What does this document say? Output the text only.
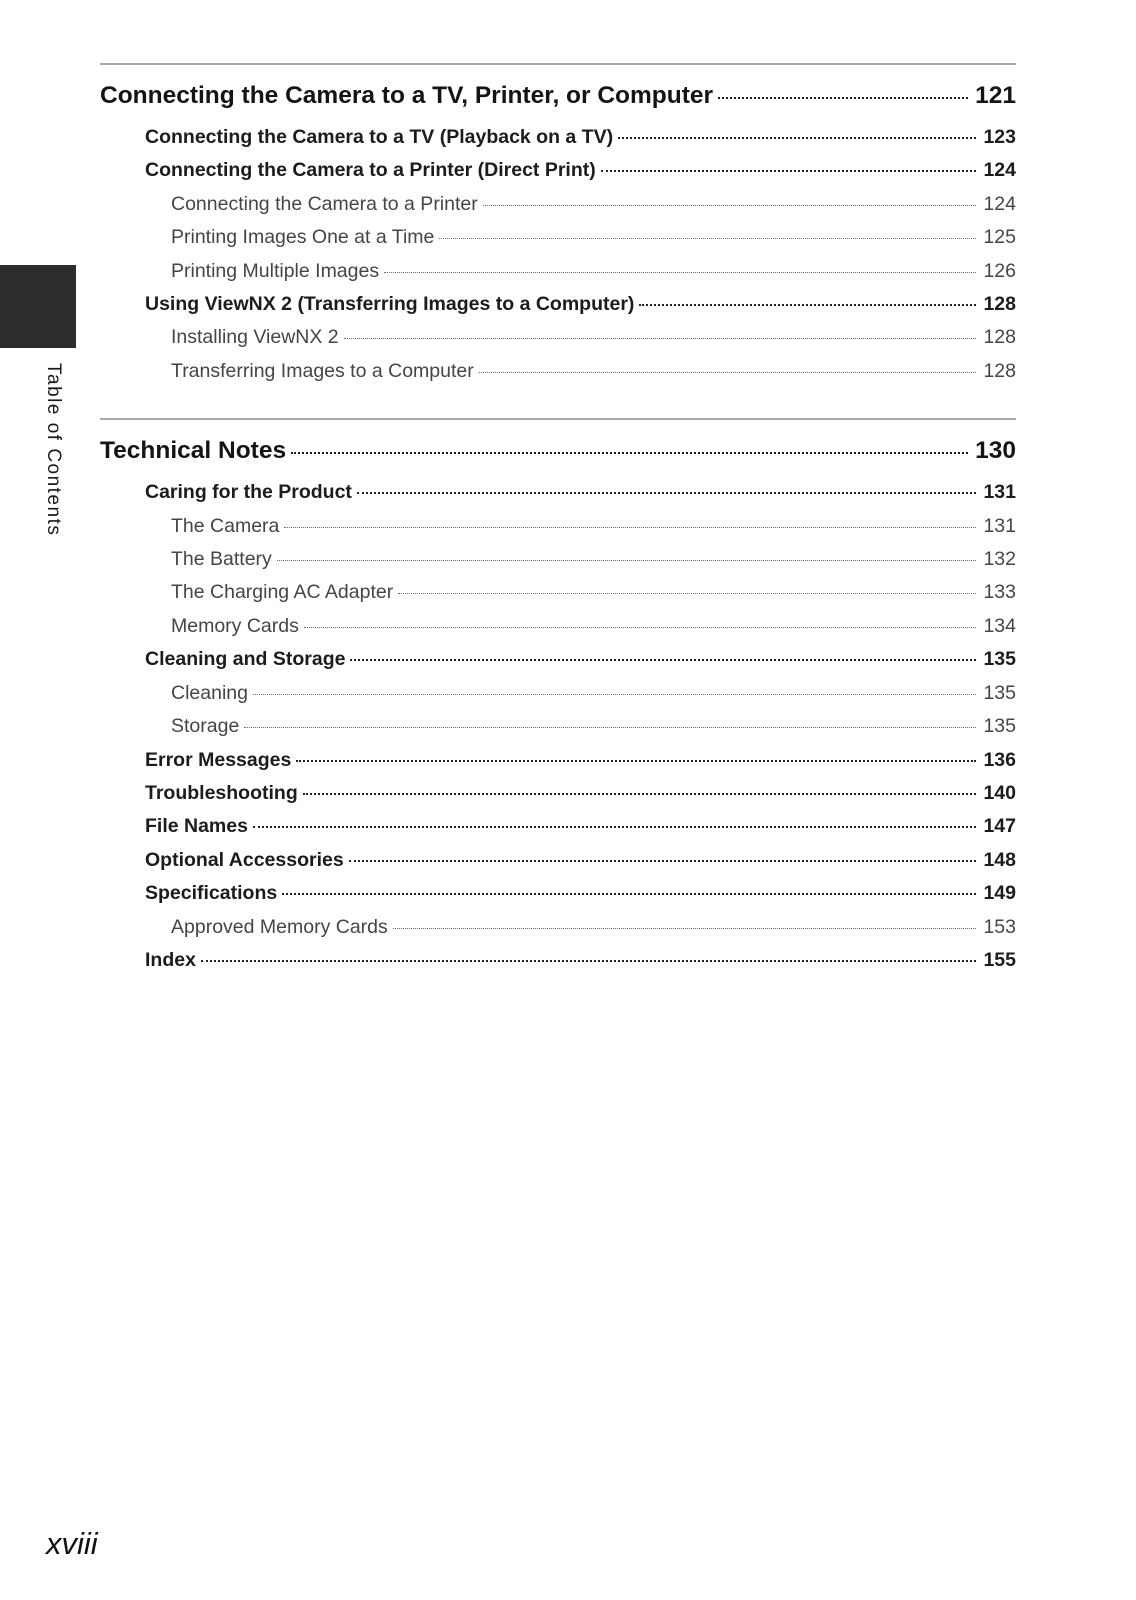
Table of Contents
Connecting the Camera to a TV, Printer, or Computer	121
Connecting the Camera to a TV (Playback on a TV)	123
Connecting the Camera to a Printer (Direct Print)	124
Connecting the Camera to a Printer	124
Printing Images One at a Time	125
Printing Multiple Images	126
Using ViewNX 2 (Transferring Images to a Computer)	128
Installing ViewNX 2	128
Transferring Images to a Computer	128
Technical Notes	130
Caring for the Product	131
The Camera	131
The Battery	132
The Charging AC Adapter	133
Memory Cards	134
Cleaning and Storage	135
Cleaning	135
Storage	135
Error Messages	136
Troubleshooting	140
File Names	147
Optional Accessories	148
Specifications	149
Approved Memory Cards	153
Index	155
xviii
